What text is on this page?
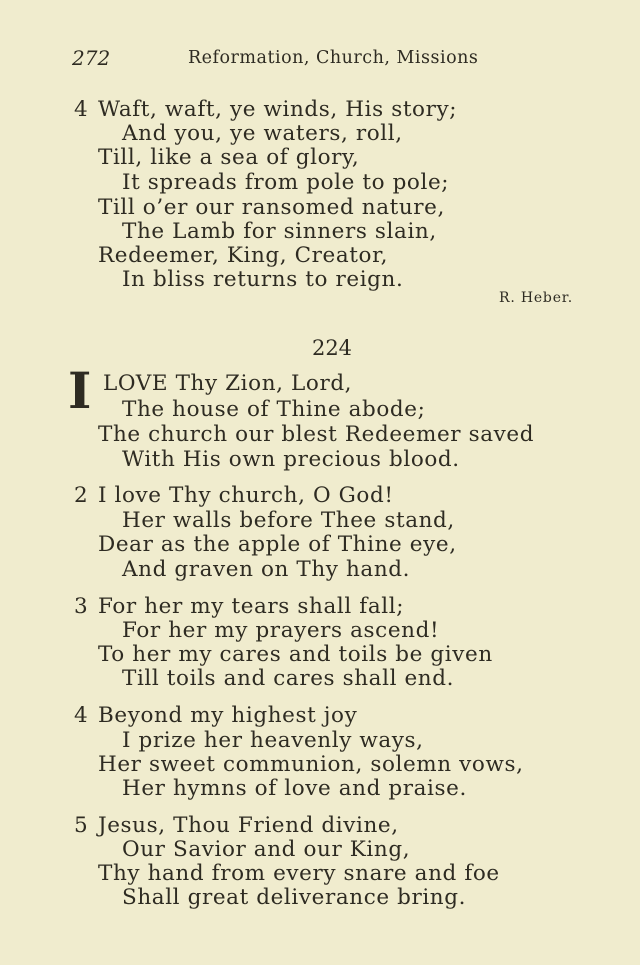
272	Reformation, Church, Missions
4 Waft, waft, ye winds, His story;
And you, ye waters, roll,
Till, like a sea of glory,
It spreads from pole to pole;
Till o’er our ransomed nature,
The Lamb for sinners slain,
Redeemer, King, Creator,
In bliss returns to reign.
R. Heber.
224
I LOVE Thy Zion, Lord,
The house of Thine abode;
The church our blest Redeemer saved
With His own precious blood.
2 I love Thy church, O God!
Her walls before Thee stand,
Dear as the apple of Thine eye,
And graven on Thy hand.
3 For her my tears shall fall;
For her my prayers ascend!
To her my cares and toils be given
Till toils and cares shall end.
4 Beyond my highest joy
I prize her heavenly ways,
Her sweet communion, solemn vows,
Her hymns of love and praise.
5 Jesus, Thou Friend divine,
Our Savior and our King,
Thy hand from every snare and foe
Shall great deliverance bring.
